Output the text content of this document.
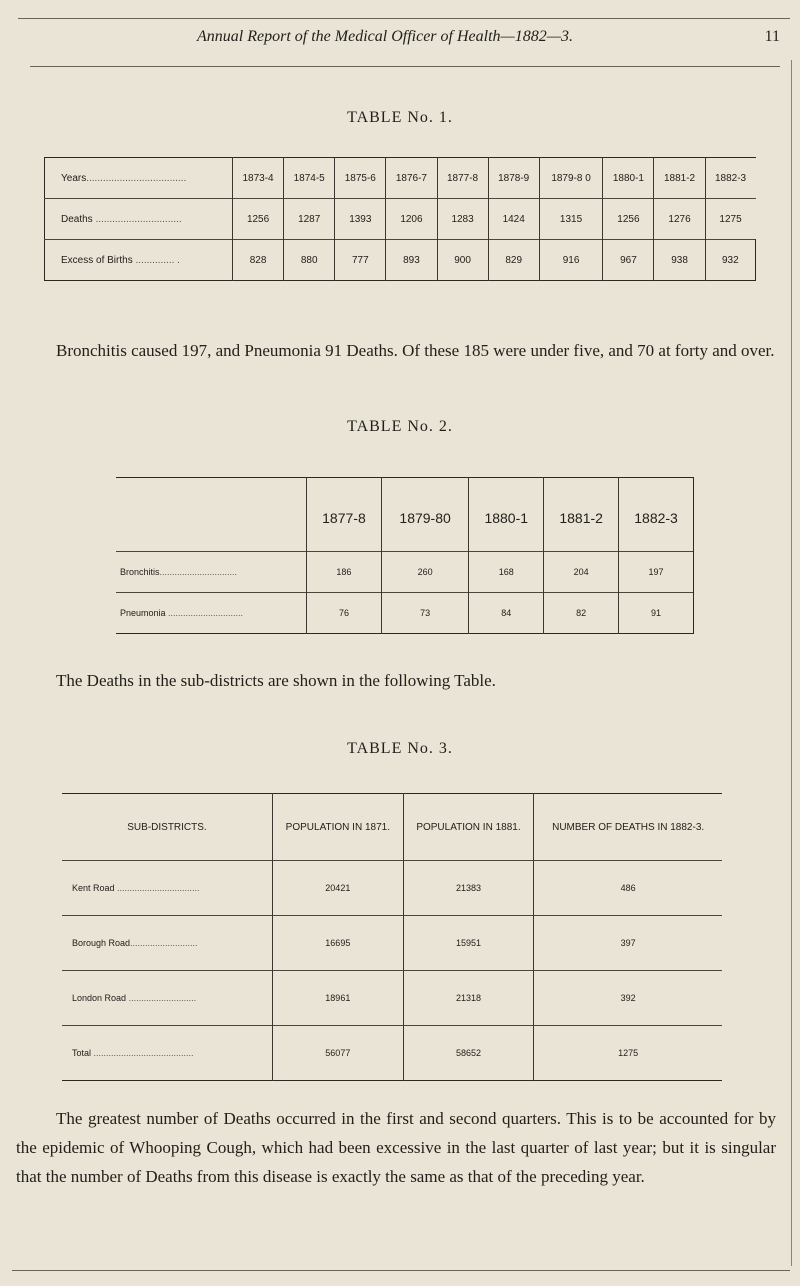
Annual Report of the Medical Officer of Health—1882—3.	11
TABLE No. 1.
Years....................................	1873-4	1874-5	1875-6	1876-7	1877-8	1878-9	1879-8 0	1880-1	1881-2	1882-3
Deaths ...............................	1256	1287	1393	1206	1283	1424	1315	1256	1276	1275
Excess of Births .............. .	828	880	777	893	900	829	916	967	938	932
Bronchitis caused 197, and Pneumonia 91 Deaths. Of these 185 were under five, and 70 at forty and over.
TABLE No. 2.
	1877-8	1879-80	1880-1	1881-2	1882-3
Bronchitis...............................	186	260	168	204	197
Pneumonia ..............................	76	73	84	82	91
The Deaths in the sub-districts are shown in the following Table.
TABLE No. 3.
SUB-DISTRICTS.	POPULATION IN 1871.	POPULATION IN 1881.	NUMBER OF DEATHS IN 1882-3.
Kent Road .................................	20421	21383	486
Borough Road...........................	16695	15951	397
London Road ...........................	18961	21318	392
Total ........................................	56077	58652	1275
The greatest number of Deaths occurred in the first and second quarters. This is to be accounted for by the epidemic of Whooping Cough, which had been excessive in the last quarter of last year; but it is singular that the number of Deaths from this disease is exactly the same as that of the preceding year.
